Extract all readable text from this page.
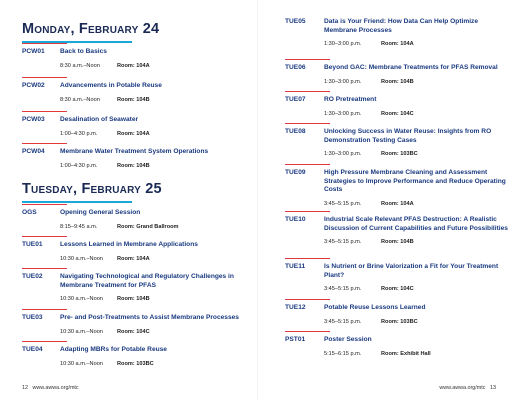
Monday, February 24
PCW01	Back to Basics
8:30 a.m.–Noon	Room: 104A
PCW02	Advancements in Potable Reuse
8:30 a.m.–Noon	Room: 104B
PCW03	Desalination of Seawater
1:00–4:30 p.m.	Room: 104A
PCW04	Membrane Water Treatment System Operations
1:00–4:30 p.m.	Room: 104B
Tuesday, February 25
OGS	Opening General Session
8:15–9:45 a.m.	Room: Grand Ballroom
TUE01	Lessons Learned in Membrane Applications
10:30 a.m.–Noon	Room: 104A
TUE02	Navigating Technological and Regulatory Challenges in Membrane Treatment for PFAS
10:30 a.m.–Noon	Room: 104B
TUE03	Pre- and Post-Treatments to Assist Membrane Processes
10:30 a.m.–Noon	Room: 104C
TUE04	Adapting MBRs for Potable Reuse
10:30 a.m.–Noon	Room: 103BC
12 www.awwa.org/mtc
TUE05	Data is Your Friend: How Data Can Help Optimize Membrane Processes
1:30–3:00 p.m.	Room: 104A
TUE06	Beyond GAC: Membrane Treatments for PFAS Removal
1:30–3:00 p.m.	Room: 104B
TUE07	RO Pretreatment
1:30–3:00 p.m.	Room: 104C
TUE08	Unlocking Success in Water Reuse: Insights from RO Demonstration Testing Cases
1:30–3:00 p.m.	Room: 103BC
TUE09	High Pressure Membrane Cleaning and Assessment Strategies to Improve Performance and Reduce Operating Costs
3:45–5:15 p.m.	Room: 104A
TUE10	Industrial Scale Relevant PFAS Destruction: A Realistic Discussion of Current Capabilities and Future Possibilities
3:45–5:15 p.m.	Room: 104B
TUE11	Is Nutrient or Brine Valorization a Fit for Your Treatment Plant?
3:45–5:15 p.m.	Room: 104C
TUE12	Potable Reuse Lessons Learned
3:45–5:15 p.m.	Room: 103BC
PST01	Poster Session
5:15–6:15 p.m.	Room: Exhibit Hall
www.awwa.org/mtc 13
